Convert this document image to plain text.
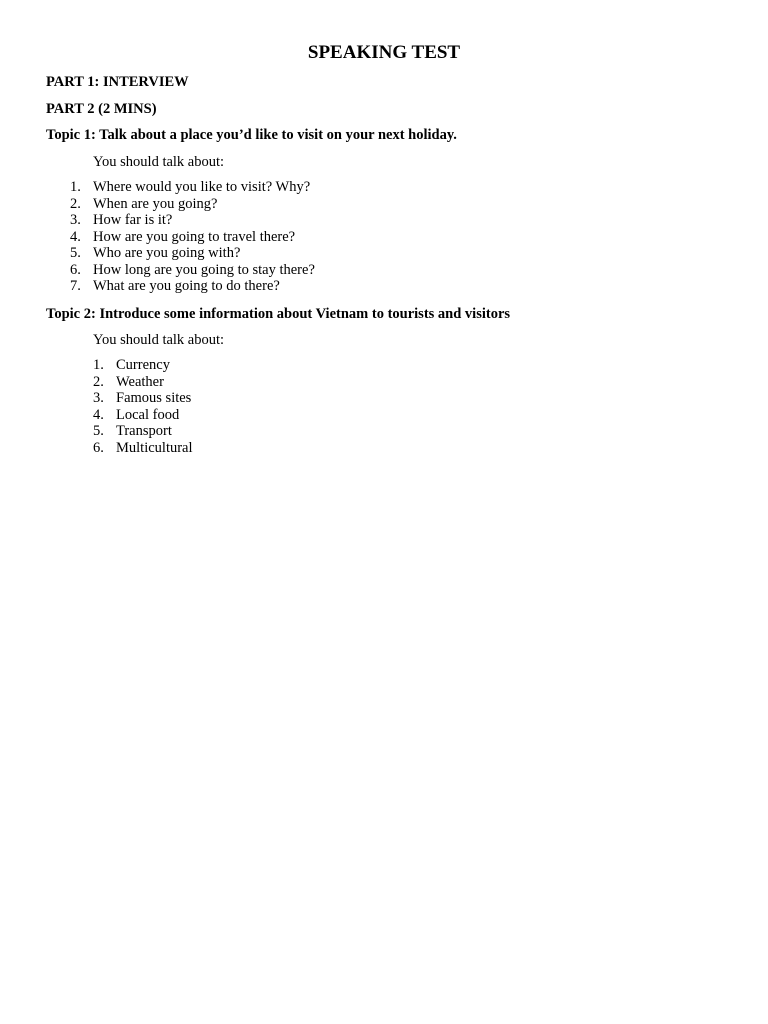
SPEAKING TEST
PART 1: INTERVIEW
PART 2 (2 MINS)
Topic 1: Talk about a place you’d like to visit on your next holiday.
You should talk about:
1. Where would you like to visit? Why?
2. When are you going?
3. How far is it?
4. How are you going to travel there?
5. Who are you going with?
6. How long are you going to stay there?
7. What are you going to do there?
Topic 2: Introduce some information about Vietnam to tourists and visitors
You should talk about:
1. Currency
2. Weather
3. Famous sites
4. Local food
5. Transport
6. Multicultural
